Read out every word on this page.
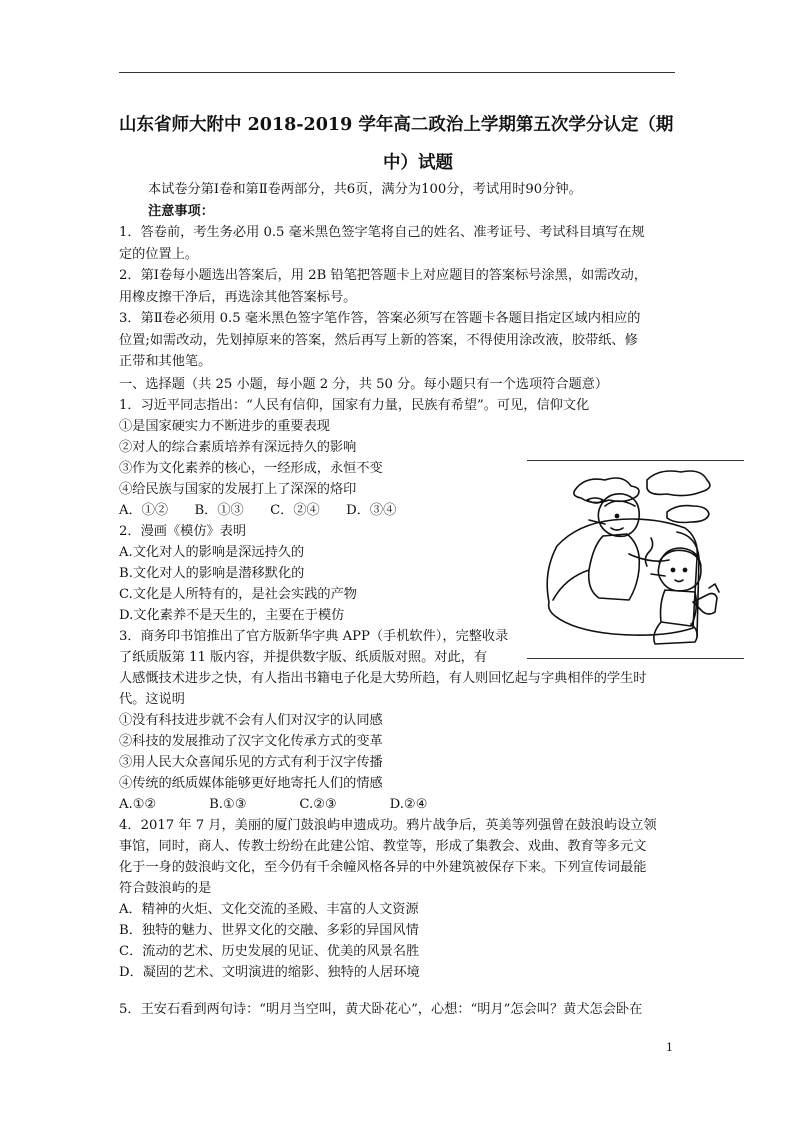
山东省师大附中 2018-2019 学年高二政治上学期第五次学分认定（期
中）试题
本试卷分第Ⅰ卷和第Ⅱ卷两部分，共6页，满分为100分，考试用时90分钟。
注意事项：
1．答卷前，考生务必用 0.5 毫米黑色签字笔将自己的姓名、准考证号、考试科目填写在规
定的位置上。
2．第Ⅰ卷每小题选出答案后，用 2B 铅笔把答题卡上对应题目的答案标号涂黑，如需改动，
用橡皮擦干净后，再选涂其他答案标号。
3．第Ⅱ卷必须用 0.5 毫米黑色签字笔作答，答案必须写在答题卡各题目指定区域内相应的
位置;如需改动，先划掉原来的答案，然后再写上新的答案，不得使用涂改液，胶带纸、修
正带和其他笔。
一、选择题（共 25 小题，每小题 2 分，共 50 分。每小题只有一个选项符合题意）
1．习近平同志指出：“人民有信仰，国家有力量，民族有希望”。可见，信仰文化
①是国家硬实力不断进步的重要表现
②对人的综合素质培养有深远持久的影响
③作为文化素养的核心，一经形成，永恒不变
④给民族与国家的发展打上了深深的烙印
A．①②　　B．①③　　C．②④　　D．③④
2．漫画《模仿》表明
A.文化对人的影响是深远持久的
B.文化对人的影响是潜移默化的
C.文化是人所特有的，是社会实践的产物
D.文化素养不是天生的，主要在于模仿
3．商务印书馆推出了官方版新华字典 APP（手机软件），完整收录
了纸质版第 11 版内容，并提供数字版、纸质版对照。对此，有
人感慨技术进步之快，有人指出书籍电子化是大势所趋，有人则回忆起与字典相伴的学生时
代。这说明
①没有科技进步就不会有人们对汉字的认同感
②科技的发展推动了汉字文化传承方式的变革
③用人民大众喜闻乐见的方式有利于汉字传播
④传统的纸质媒体能够更好地寄托人们的情感
A.①②　　　　B.①③　　　　C.②③　　　　D.②④
4．2017 年 7 月，美丽的厦门鼓浪屿申遗成功。鸦片战争后，英美等列强曾在鼓浪屿设立领
事馆，同时，商人、传教士纷纷在此建公馆、教堂等，形成了集教会、戏曲、教育等多元文
化于一身的鼓浪屿文化，至今仍有千余幢风格各异的中外建筑被保存下来。下列宣传词最能
符合鼓浪屿的是
A．精神的火炬、文化交流的圣殿、丰富的人文资源
B．独特的魅力、世界文化的交融、多彩的异国风情
C．流动的艺术、历史发展的见证、优美的风景名胜
D．凝固的艺术、文明演进的缩影、独特的人居环境
5．王安石看到两句诗：“明月当空叫，黄犬卧花心”，心想：“明月”怎会叫？黄犬怎会卧在
1
